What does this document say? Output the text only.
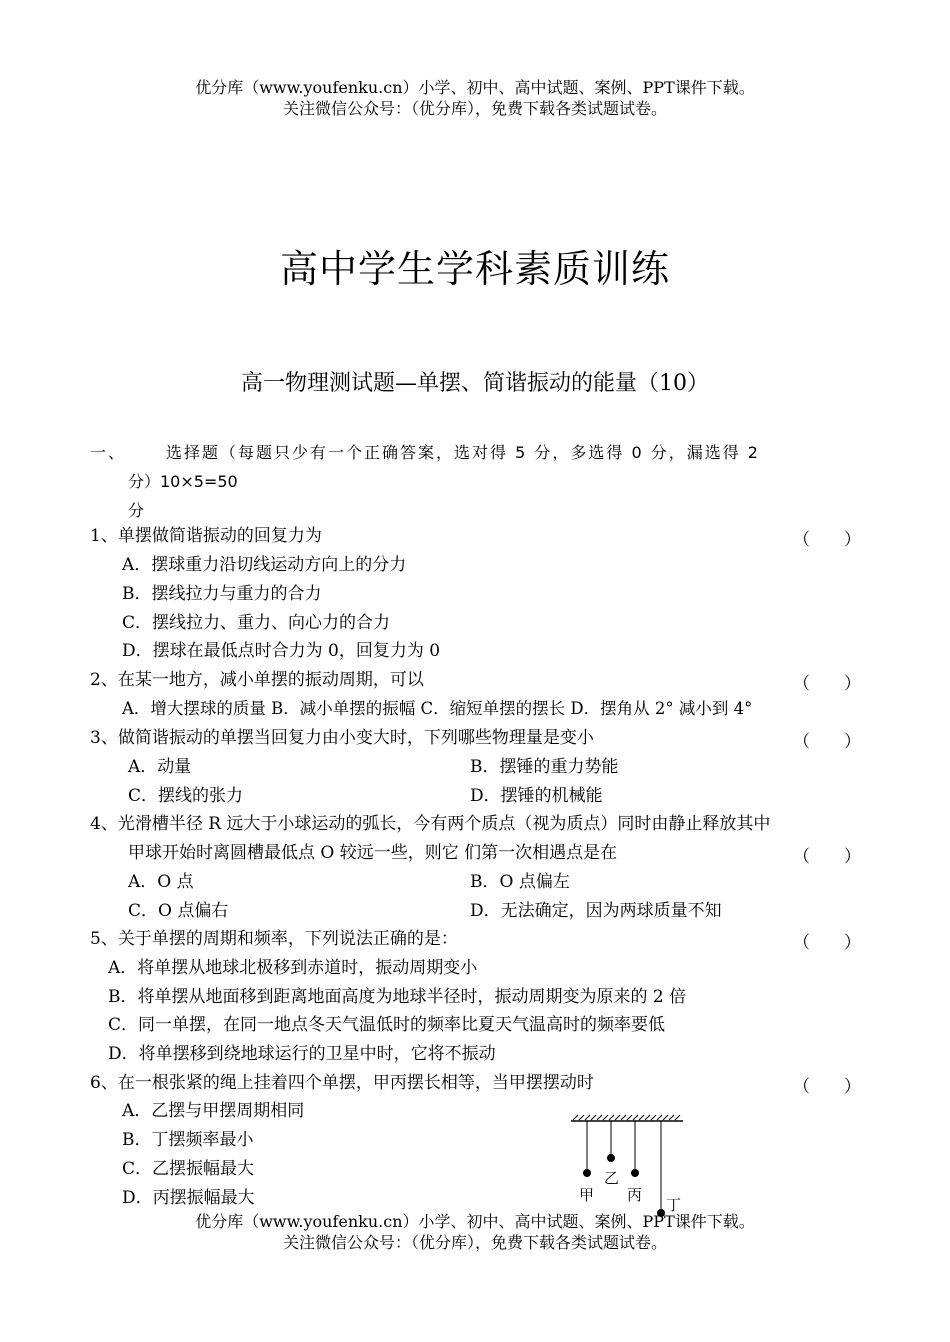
优分库（www.youfenku.cn）小学、初中、高中试题、案例、PPT课件下载。
关注微信公众号：（优分库），免费下载各类试题试卷。
高中学生学科素质训练
高一物理测试题—单摆、简谐振动的能量（10）
一、 选择题（每题只少有一个正确答案，选对得 5 分，多选得 0 分，漏选得 2
分）10×5=50
分
1、单摆做简谐振动的回复力为	（　　）
A．摆球重力沿切线运动方向上的分力
B．摆线拉力与重力的合力
C．摆线拉力、重力、向心力的合力
D．摆球在最低点时合力为 0，回复力为 0
2、在某一地方，减小单摆的振动周期，可以	（　　）
A．增大摆球的质量 B．减小单摆的振幅 C．缩短单摆的摆长 D．摆角从 2° 减小到 4°
3、做简谐振动的单摆当回复力由小变大时，下列哪些物理量是变小	（　　）
A．动量	B．摆锤的重力势能
C．摆线的张力	D．摆锤的机械能
4、光滑槽半径 R 远大于小球运动的弧长，今有两个质点（视为质点）同时由静止释放其中
甲球开始时离圆槽最低点 O 较远一些，则它 们第一次相遇点是在	（　　）
A．O 点	B．O 点偏左
C．O 点偏右	D．无法确定，因为两球质量不知
5、关于单摆的周期和频率，下列说法正确的是：	（　　）
A．将单摆从地球北极移到赤道时，振动周期变小
B．将单摆从地面移到距离地面高度为地球半径时，振动周期变为原来的 2 倍
C．同一单摆，在同一地点冬天气温低时的频率比夏天气温高时的频率要低
D．将单摆移到绕地球运行的卫星中时，它将不振动
6、在一根张紧的绳上挂着四个单摆，甲丙摆长相等，当甲摆摆动时	（　　）
A．乙摆与甲摆周期相同
B．丁摆频率最小
C．乙摆振幅最大
D．丙摆振幅最大	甲
乙
丙
丁
优分库（www.youfenku.cn）小学、初中、高中试题、案例、PPT课件下载。
关注微信公众号：（优分库），免费下载各类试题试卷。
